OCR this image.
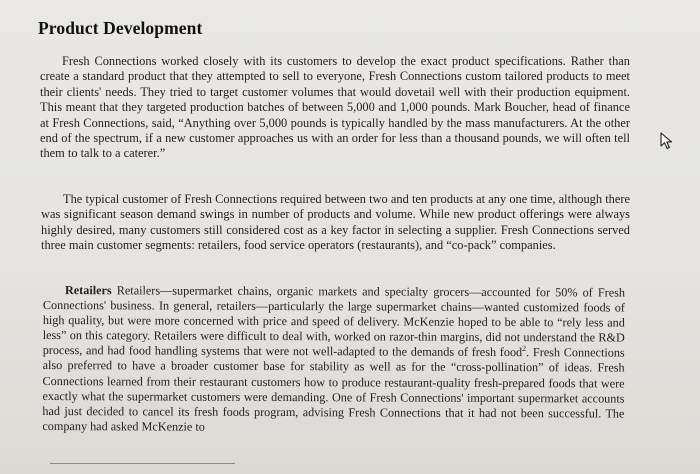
Product Development

Fresh Connections worked closely with its customers to develop the exact product specifications. Rather than create a standard product that they attempted to sell to everyone, Fresh Connections custom tailored products to meet their clients' needs. They tried to target customer volumes that would dovetail well with their production equipment. This meant that they targeted production batches of between 5,000 and 1,000 pounds. Mark Boucher, head of finance at Fresh Connections, said, “Anything over 5,000 pounds is typically handled by the mass manufacturers. At the other end of the spectrum, if a new customer approaches us with an order for less than a thousand pounds, we will often tell them to talk to a caterer.”

The typical customer of Fresh Connections required between two and ten products at any one time, although there was significant season demand swings in number of products and volume. While new product offerings were always highly desired, many customers still considered cost as a key factor in selecting a supplier. Fresh Connections served three main customer segments: retailers, food service operators (restaurants), and “co-pack” companies.

Retailers Retailers—supermarket chains, organic markets and specialty grocers—accounted for 50% of Fresh Connections' business. In general, retailers—particularly the large supermarket chains—wanted customized foods of high quality, but were more concerned with price and speed of delivery. McKenzie hoped to be able to “rely less and less” on this category. Retailers were difficult to deal with, worked on razor-thin margins, did not understand the R&D process, and had food handling systems that were not well-adapted to the demands of fresh food$^2$. Fresh Connections also preferred to have a broader customer base for stability as well as for the “cross-pollination” of ideas. Fresh Connections learned from their restaurant customers how to produce restaurant-quality fresh-prepared foods that were exactly what the supermarket customers were demanding. One of Fresh Connections' important supermarket accounts had just decided to cancel its fresh foods program, advising Fresh Connections that it had not been successful. The company had asked McKenzie to
